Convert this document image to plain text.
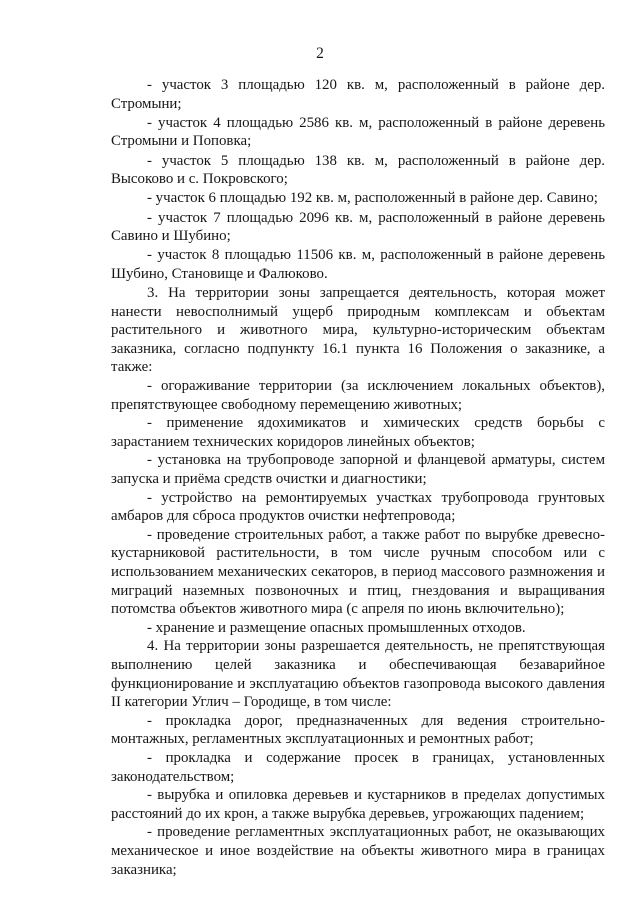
2

- участок 3 площадью 120 кв. м, расположенный в районе дер. Стромыни;

- участок 4 площадью 2586 кв. м, расположенный в районе деревень Стромыни и Поповка;

- участок 5 площадью 138 кв. м, расположенный в районе дер. Высоково и с. Покровского;

- участок 6 площадью 192 кв. м, расположенный в районе дер. Савино;

- участок 7 площадью 2096 кв. м, расположенный в районе деревень Савино и Шубино;

- участок 8 площадью 11506 кв. м, расположенный в районе деревень Шубино, Становище и Фалюково.

3. На территории зоны запрещается деятельность, которая может нанести невосполнимый ущерб природным комплексам и объектам растительного и животного мира, культурно-историческим объектам заказника, согласно подпункту 16.1 пункта 16 Положения о заказнике, а также:

- огораживание территории (за исключением локальных объектов), препятствующее свободному перемещению животных;

- применение ядохимикатов и химических средств борьбы с зарастанием технических коридоров линейных объектов;

- установка на трубопроводе запорной и фланцевой арматуры, систем запуска и приёма средств очистки и диагностики;

- устройство на ремонтируемых участках трубопровода грунтовых амбаров для сброса продуктов очистки нефтепровода;

- проведение строительных работ, а также работ по вырубке древесно-кустарниковой растительности, в том числе ручным способом или с использованием механических секаторов, в период массового размножения и миграций наземных позвоночных и птиц, гнездования и выращивания потомства объектов животного мира (с апреля по июнь включительно);

- хранение и размещение опасных промышленных отходов.

4. На территории зоны разрешается деятельность, не препятствующая выполнению целей заказника и обеспечивающая безаварийное функционирование и эксплуатацию объектов газопровода высокого давления II категории Углич – Городище, в том числе:

- прокладка дорог, предназначенных для ведения строительно-монтажных, регламентных эксплуатационных и ремонтных работ;

- прокладка и содержание просек в границах, установленных законодательством;

- вырубка и опиловка деревьев и кустарников в пределах допустимых расстояний до их крон, а также вырубка деревьев, угрожающих падением;

- проведение регламентных эксплуатационных работ, не оказывающих механическое и иное воздействие на объекты животного мира в границах заказника;
